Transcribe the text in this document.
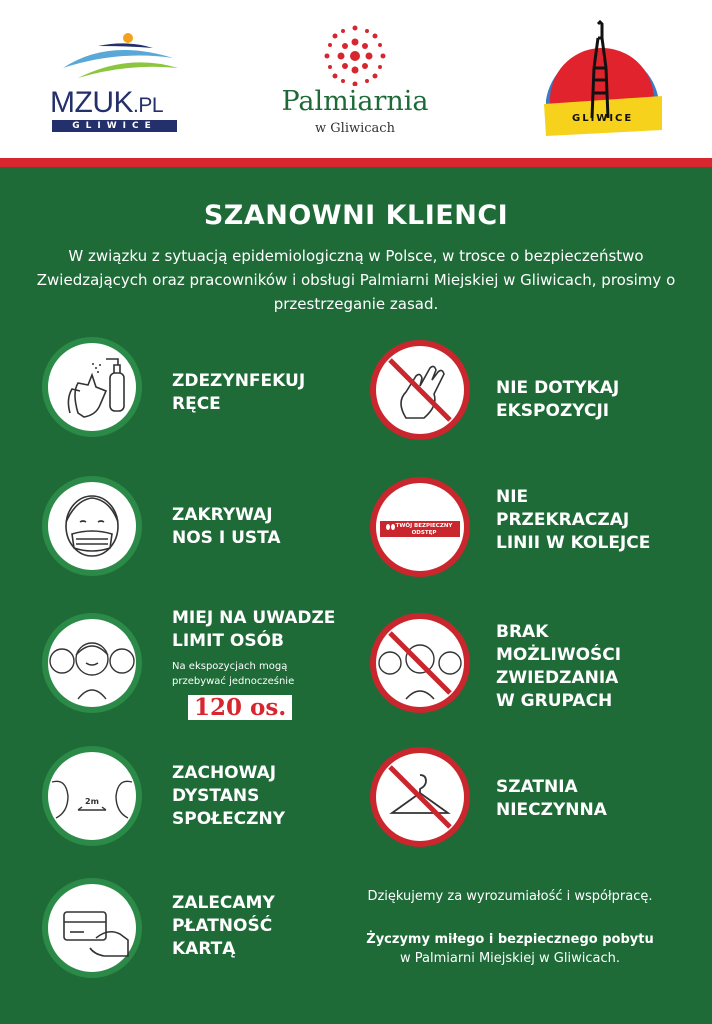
MZUK.PL
GLIWICE
Palmiarnia
w Gliwicach
GLIWICE
SZANOWNI KLIENCI
W związku z sytuacją epidemiologiczną w Polsce, w trosce o bezpieczeństwo Zwiedzających oraz pracowników i obsługi Palmiarni Miejskiej w Gliwicach, prosimy o przestrzeganie zasad.
ZDEZYNFEKUJ
RĘCE
ZAKRYWAJ
NOS I USTA
MIEJ NA UWADZE
LIMIT OSÓB
Na ekspozycjach mogą
przebywać jednocześnie
120 os.
2m
ZACHOWAJ
DYSTANS
SPOŁECZNY
ZALECAMY
PŁATNOŚĆ
KARTĄ
NIE DOTYKAJ
EKSPOZYCJI
TWÓJ BEZPIECZNY
ODSTĘP
NIE
PRZEKRACZAJ
LINII W KOLEJCE
BRAK
MOŻLIWOŚCI
ZWIEDZANIA
W GRUPACH
SZATNIA
NIECZYNNA
Dziękujemy za wyrozumiałość i współpracę.
Życzymy miłego i bezpiecznego pobytu
w Palmiarni Miejskiej w Gliwicach.
